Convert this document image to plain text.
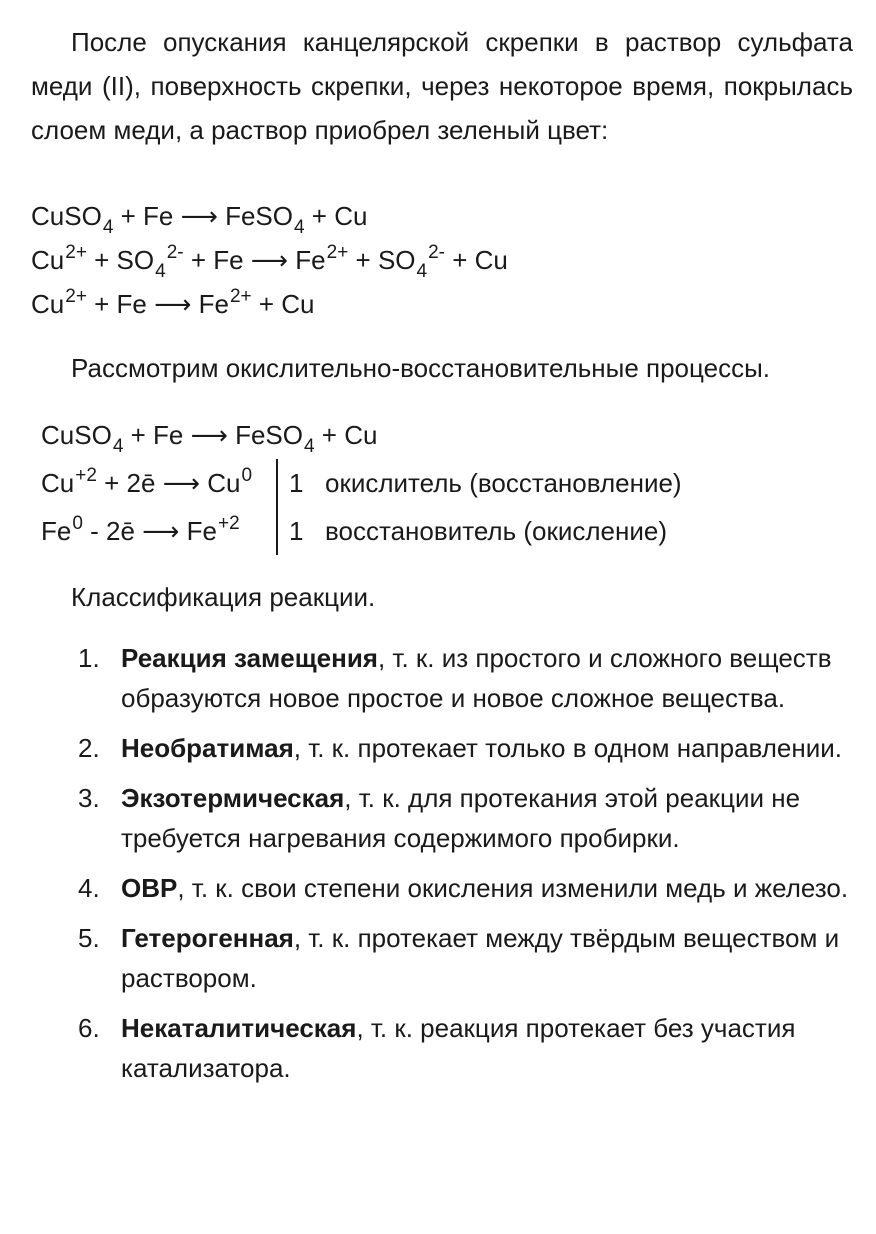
После опускания канцелярской скрепки в раствор сульфата меди (II), поверхность скрепки, через некоторое время, покрылась слоем меди, а раствор приобрел зеленый цвет:

CuSO$_4$ + Fe ⟶ FeSO$_4$ + Cu
$Cu^{2+} + SO_4^{2-} + Fe$ ⟶ $Fe^{2+} + SO_4^{2-} + Cu$
$Cu^{2+} + Fe$ ⟶ $Fe^{2+} + Cu$
Рассмотрим окислительно-восстановительные процессы.
CuSO$_4$ + Fe ⟶ FeSO$_4$ + Cu
$Cu^{+2}$ + 2ē ⟶ Cu$^0$
Fe$^0$ - 2ē ⟶ $Fe^{+2}$
1 окислитель (восстановление)
1 восстановитель (окисление)
Классификация реакции.
1. Реакция замещения, т. к. из простого и сложного веществ образуются новое простое и новое сложное вещества.
2. Необратимая, т. к. протекает только в одном направлении.
3. Экзотермическая, т. к. для протекания этой реакции не требуется нагревания содержимого пробирки.
4. ОВР, т. к. свои степени окисления изменили медь и железо.
5. Гетерогенная, т. к. протекает между твёрдым веществом и раствором.
6. Некаталитическая, т. к. реакция протекает без участия катализатора.
